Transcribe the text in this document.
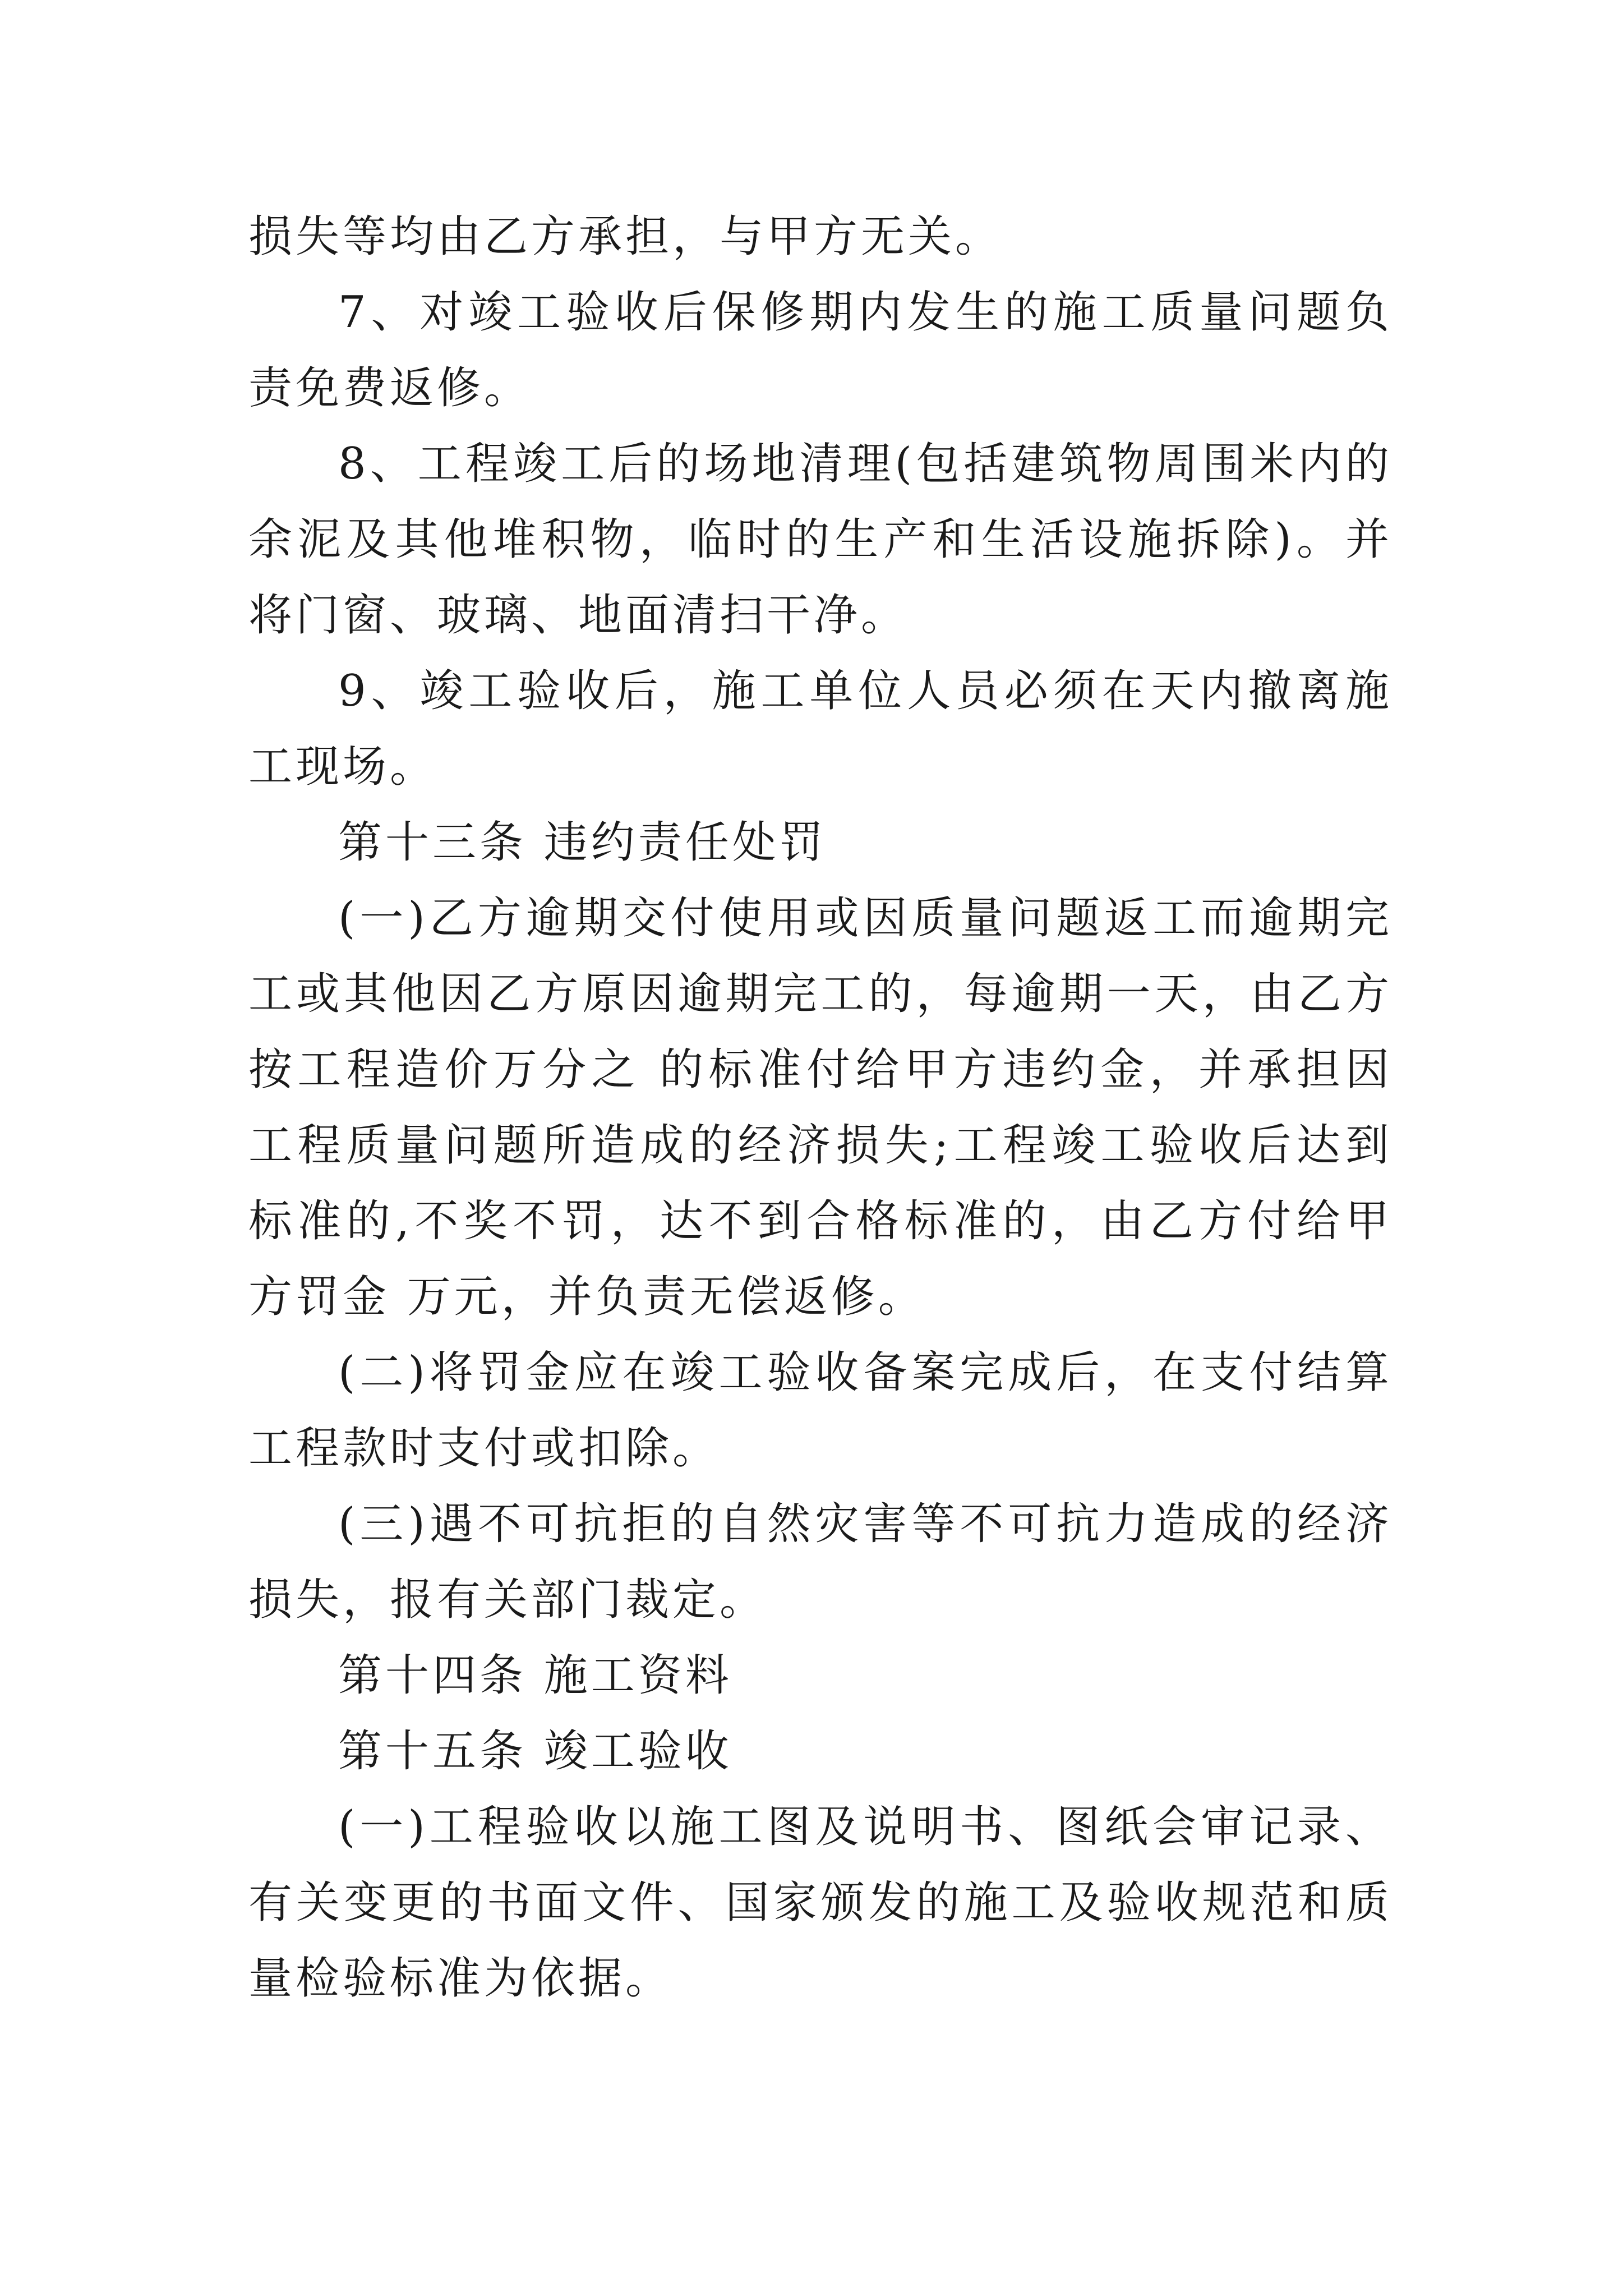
损失等均由乙方承担，与甲方无关。

7、对竣工验收后保修期内发生的施工质量问题负责免费返修。

8、工程竣工后的场地清理(包括建筑物周围米内的余泥及其他堆积物，临时的生产和生活设施拆除)。并将门窗、玻璃、地面清扫干净。

9、竣工验收后，施工单位人员必须在天内撤离施工现场。

第十三条 违约责任处罚

(一)乙方逾期交付使用或因质量问题返工而逾期完工或其他因乙方原因逾期完工的，每逾期一天，由乙方按工程造价万分之 的标准付给甲方违约金，并承担因工程质量问题所造成的经济损失;工程竣工验收后达到 标准的,不奖不罚，达不到合格标准的，由乙方付给甲方罚金 万元，并负责无偿返修。

(二)将罚金应在竣工验收备案完成后，在支付结算工程款时支付或扣除。

(三)遇不可抗拒的自然灾害等不可抗力造成的经济损失，报有关部门裁定。

第十四条 施工资料

第十五条 竣工验收

(一)工程验收以施工图及说明书、图纸会审记录、有关变更的书面文件、国家颁发的施工及验收规范和质量检验标准为依据。
